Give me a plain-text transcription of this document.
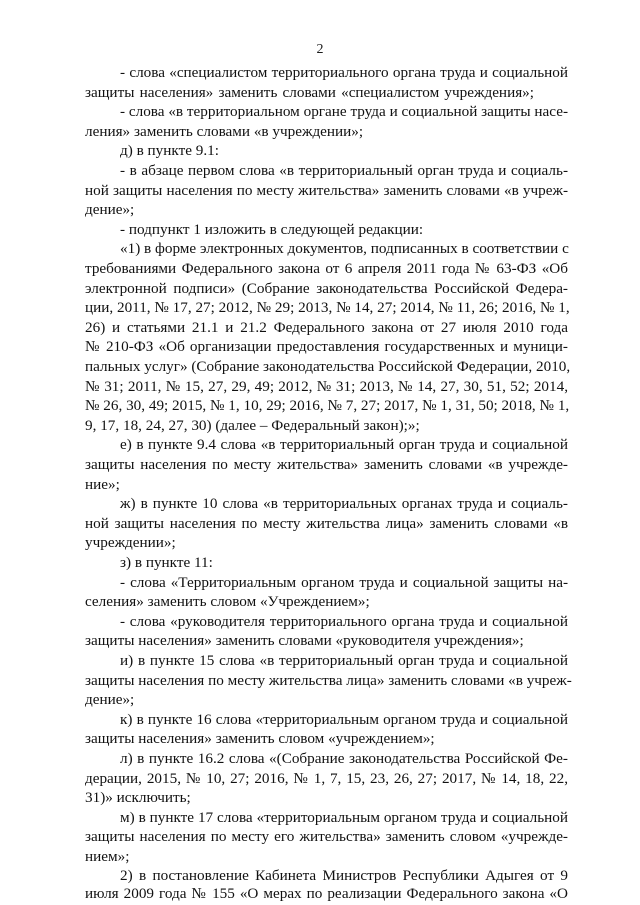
2
- слова «специалистом территориального органа труда и социальной
защиты населения» заменить словами «специалистом учреждения»;
- слова «в территориальном органе труда и социальной защиты насе-
ления» заменить словами «в учреждении»;
д) в пункте 9.1:
- в абзаце первом слова «в территориальный орган труда и социаль-
ной защиты населения по месту жительства» заменить словами «в учреж-
дение»;
- подпункт 1 изложить в следующей редакции:
«1) в форме электронных документов, подписанных в соответствии с
требованиями Федерального закона от 6 апреля 2011 года № 63-ФЗ «Об
электронной подписи» (Собрание законодательства Российской Федера-
ции, 2011, № 17, 27; 2012, № 29; 2013, № 14, 27; 2014, № 11, 26; 2016, № 1,
26) и статьями 21.1 и 21.2 Федерального закона от 27 июля 2010 года
№ 210-ФЗ «Об организации предоставления государственных и муници-
пальных услуг» (Собрание законодательства Российской Федерации, 2010,
№ 31; 2011, № 15, 27, 29, 49; 2012, № 31; 2013, № 14, 27, 30, 51, 52; 2014,
№ 26, 30, 49; 2015, № 1, 10, 29; 2016, № 7, 27; 2017, № 1, 31, 50; 2018, № 1,
9, 17, 18, 24, 27, 30) (далее – Федеральный закон);»;
е) в пункте 9.4 слова «в территориальный орган труда и социальной
защиты населения по месту жительства» заменить словами «в учрежде-
ние»;
ж) в пункте 10 слова «в территориальных органах труда и социаль-
ной защиты населения по месту жительства лица» заменить словами «в
учреждении»;
з) в пункте 11:
- слова «Территориальным органом труда и социальной защиты на-
селения» заменить словом «Учреждением»;
- слова «руководителя территориального органа труда и социальной
защиты населения» заменить словами «руководителя учреждения»;
и) в пункте 15 слова «в территориальный орган труда и социальной
защиты населения по месту жительства лица» заменить словами «в учреж-
дение»;
к) в пункте 16 слова «территориальным органом труда и социальной
защиты населения» заменить словом «учреждением»;
л) в пункте 16.2 слова «(Собрание законодательства Российской Фе-
дерации, 2015, № 10, 27; 2016, № 1, 7, 15, 23, 26, 27; 2017, № 14, 18, 22,
31)» исключить;
м) в пункте 17 слова «территориальным органом труда и социальной
защиты населения по месту его жительства» заменить словом «учрежде-
нием»;
2) в постановление Кабинета Министров Республики Адыгея от 9
июля 2009 года № 155 «О мерах по реализации Федерального закона «О
